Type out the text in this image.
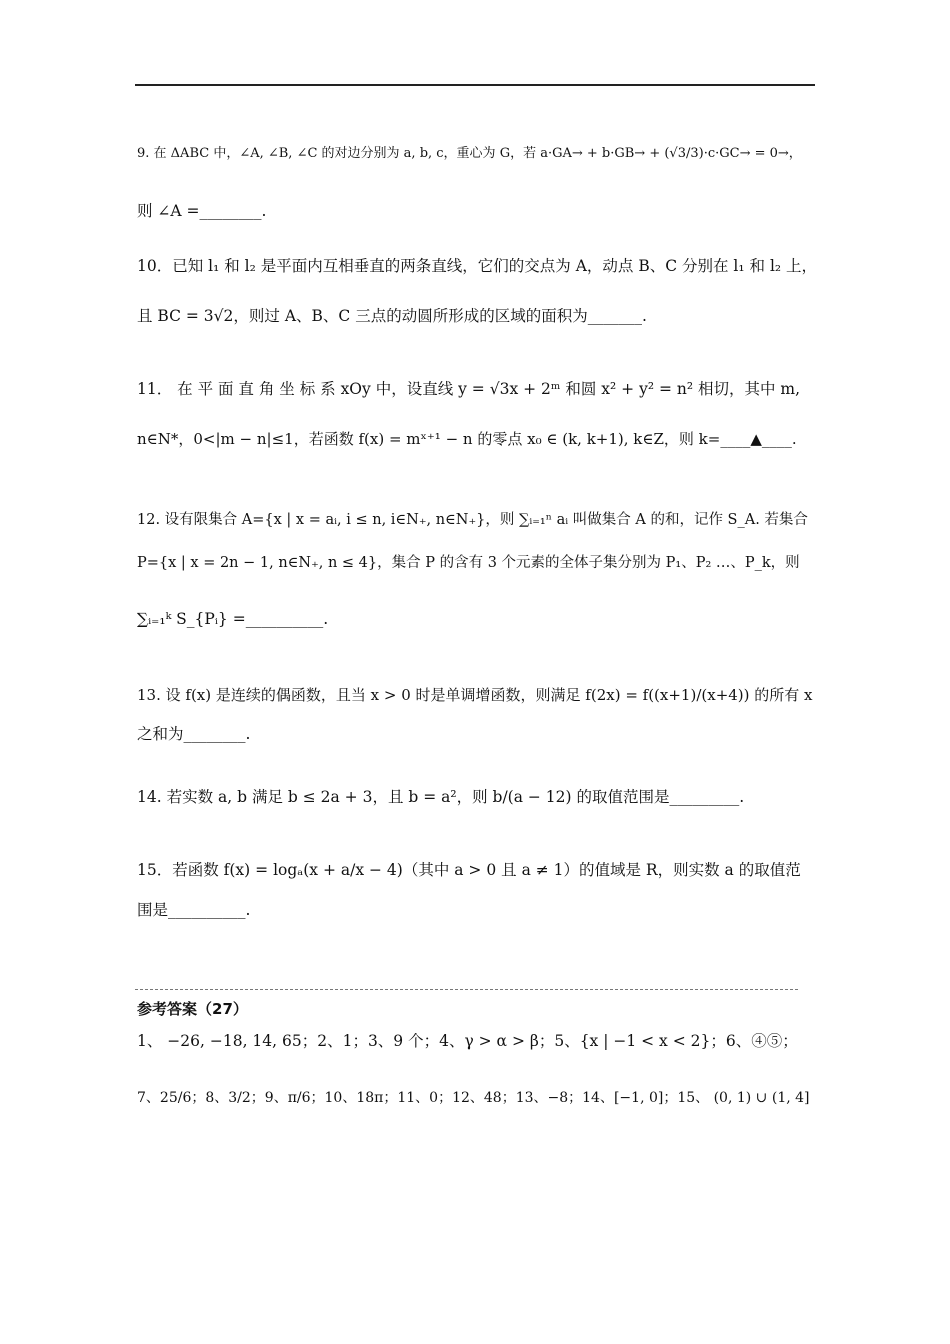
9. 在 ΔABC 中，∠A, ∠B, ∠C 的对边分别为 a, b, c，重心为 G，若 a·GA→ + b·GB→ + (√3/3)·c·GC→ = 0→，
则 ∠A =________.
10．已知 l₁ 和 l₂ 是平面内互相垂直的两条直线，它们的交点为 A，动点 B、C 分别在 l₁ 和 l₂ 上，
且 BC = 3√2，则过 A、B、C 三点的动圆所形成的区域的面积为_______.
11． 在 平 面 直 角 坐 标 系 xOy 中，设直线 y = √3x + 2ᵐ 和圆 x² + y² = n² 相切，其中 m,
n∈N*，0<|m − n|≤1，若函数 f(x) = mˣ⁺¹ − n 的零点 x₀ ∈ (k, k+1), k∈Z，则 k=____▲____.
12. 设有限集合 A={x | x = aᵢ, i ≤ n, i∈N₊, n∈N₊}，则 ∑ᵢ₌₁ⁿ aᵢ 叫做集合 A 的和，记作 S_A. 若集合
P={x | x = 2n − 1, n∈N₊, n ≤ 4}，集合 P 的含有 3 个元素的全体子集分别为 P₁、P₂ …、P_k，则
∑ᵢ₌₁ᵏ S_{Pᵢ} =__________.
13. 设 f(x) 是连续的偶函数，且当 x > 0 时是单调增函数，则满足 f(2x) = f((x+1)/(x+4)) 的所有 x
之和为________.
14. 若实数 a, b 满足 b ≤ 2a + 3，且 b = a²，则 b/(a − 12) 的取值范围是_________.
15．若函数 f(x) = logₐ(x + a/x − 4)（其中 a > 0 且 a ≠ 1）的值域是 R，则实数 a 的取值范
围是__________.
参考答案（27）
1、 −26, −18, 14, 65；2、1；3、9 个；4、γ > α > β；5、{x | −1 < x < 2}；6、④⑤；
7、25/6；8、3/2；9、π/6；10、18π；11、0；12、48；13、−8；14、[−1, 0]；15、 (0, 1) ∪ (1, 4]
